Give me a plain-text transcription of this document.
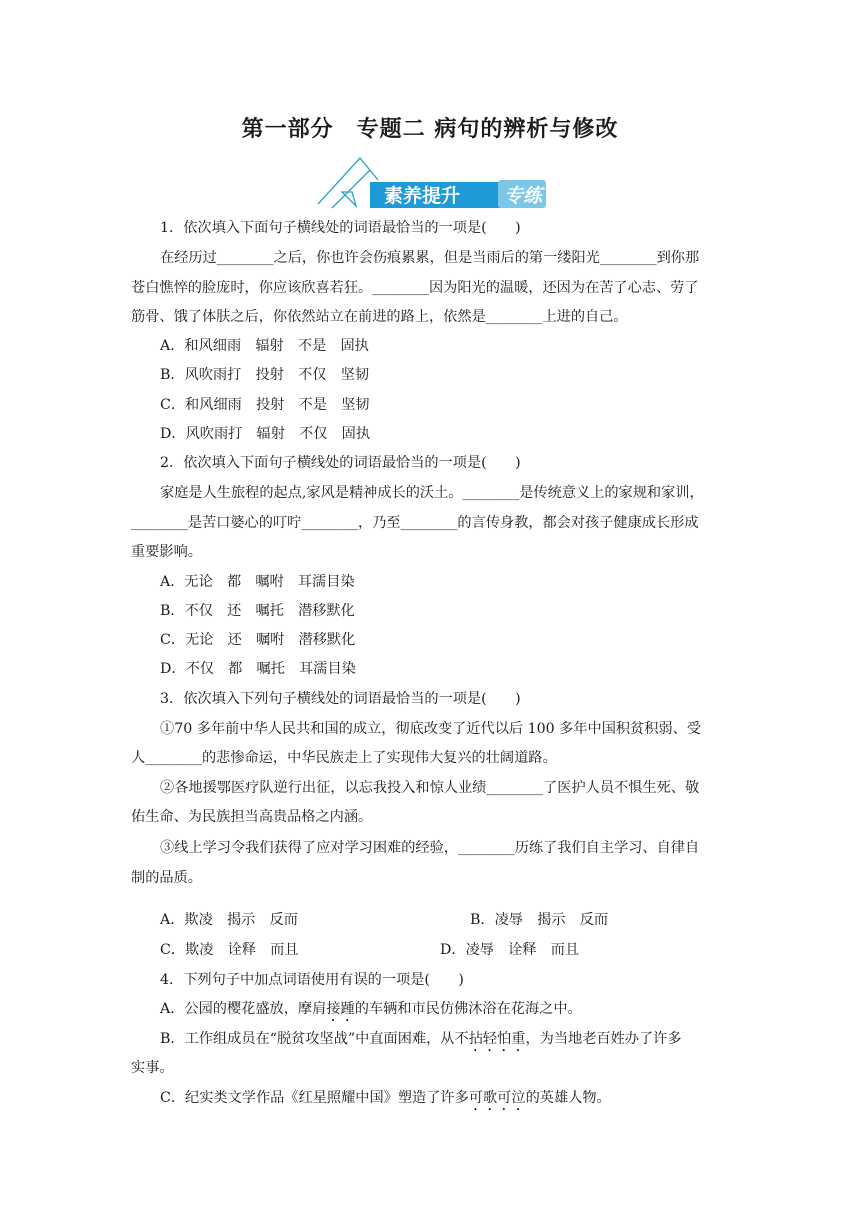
第一部分　专题二 病句的辨析与修改
素养提升 专练
1．依次填入下面句子横线处的词语最恰当的一项是(　　)
在经历过________之后，你也许会伤痕累累，但是当雨后的第一缕阳光________到你那
苍白憔悴的脸庞时，你应该欣喜若狂。________因为阳光的温暖，还因为在苦了心志、劳了
筋骨、饿了体肤之后，你依然站立在前进的路上，依然是________上进的自己。
A．和风细雨　辐射　不是　固执
B．风吹雨打　投射　不仅　坚韧
C．和风细雨　投射　不是　坚韧
D．风吹雨打　辐射　不仅　固执
2．依次填入下面句子横线处的词语最恰当的一项是(　　)
家庭是人生旅程的起点,家风是精神成长的沃土。________是传统意义上的家规和家训，
________是苦口婆心的叮咛________，乃至________的言传身教，都会对孩子健康成长形成
重要影响。
A．无论　都　嘱咐　耳濡目染
B．不仅　还　嘱托　潜移默化
C．无论　还　嘱咐　潜移默化
D．不仅　都　嘱托　耳濡目染
3．依次填入下列句子横线处的词语最恰当的一项是(　　)
①70 多年前中华人民共和国的成立，彻底改变了近代以后 100 多年中国积贫积弱、受
人________的悲惨命运，中华民族走上了实现伟大复兴的壮阔道路。
②各地援鄂医疗队逆行出征，以忘我投入和惊人业绩________了医护人员不惧生死、敬
佑生命、为民族担当高贵品格之内涵。
③线上学习令我们获得了应对学习困难的经验，________历练了我们自主学习、自律自
制的品质。
A．欺凌　揭示　反而	B．凌辱　揭示　反而
C．欺凌　诠释　而且	D．凌辱　诠释　而且
4．下列句子中加点词语使用有误的一项是(　　)
A．公园的樱花盛放，摩肩接踵的车辆和市民仿佛沐浴在花海之中。
B．工作组成员在“脱贫攻坚战”中直面困难，从不拈轻怕重，为当地老百姓办了许多
实事。
C．纪实类文学作品《红星照耀中国》塑造了许多可歌可泣的英雄人物。
